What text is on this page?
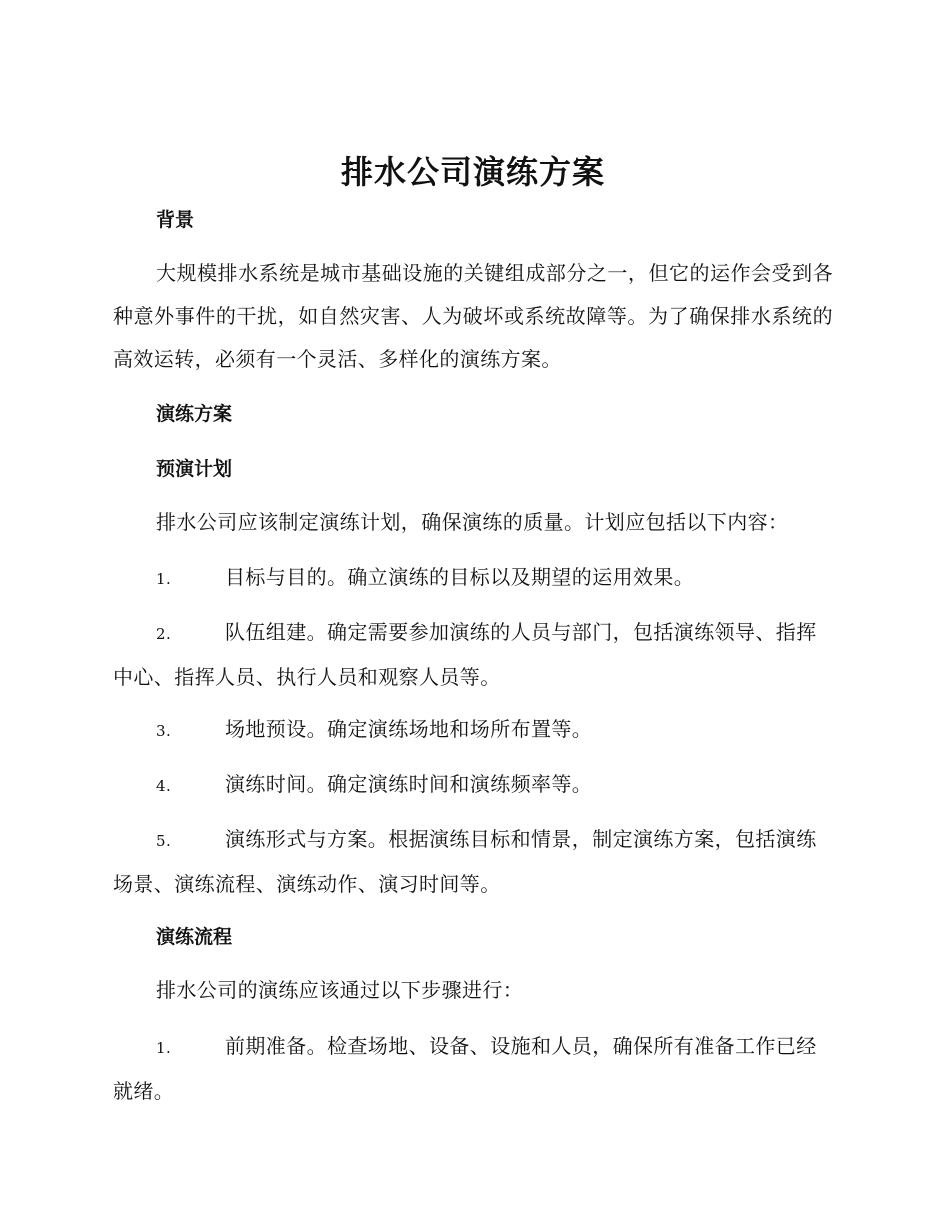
排水公司演练方案
背景

大规模排水系统是城市基础设施的关键组成部分之一，但它的运作会受到各种意外事件的干扰，如自然灾害、人为破坏或系统故障等。为了确保排水系统的高效运转，必须有一个灵活、多样化的演练方案。

演练方案
预演计划

排水公司应该制定演练计划，确保演练的质量。计划应包括以下内容：

1.	目标与目的。确立演练的目标以及期望的运用效果。

2.	队伍组建。确定需要参加演练的人员与部门，包括演练领导、指挥中心、指挥人员、执行人员和观察人员等。

3.	场地预设。确定演练场地和场所布置等。

4.	演练时间。确定演练时间和演练频率等。

5.	演练形式与方案。根据演练目标和情景，制定演练方案，包括演练场景、演练流程、演练动作、演习时间等。

演练流程

排水公司的演练应该通过以下步骤进行：

1.	前期准备。检查场地、设备、设施和人员，确保所有准备工作已经就绪。
